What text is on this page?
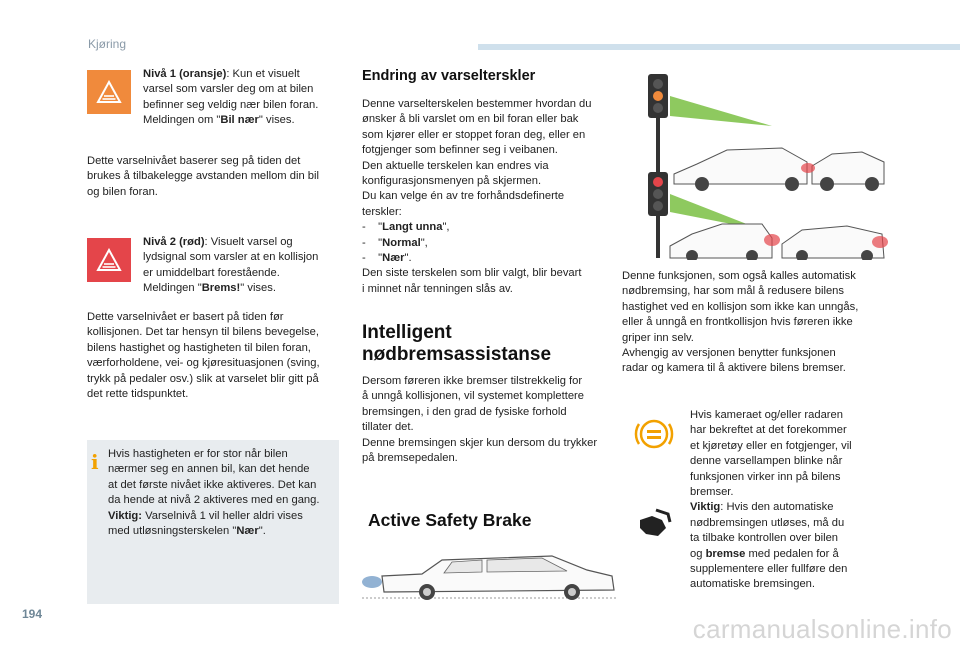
Kjøring
Nivå 1 (oransje): Kun et visuelt
varsel som varsler deg om at bilen
befinner seg veldig nær bilen foran.
Meldingen om "Bil nær" vises.
Dette varselnivået baserer seg på tiden det
brukes å tilbakelegge avstanden mellom din bil
og bilen foran.
Nivå 2 (rød): Visuelt varsel og
lydsignal som varsler at en kollisjon
er umiddelbart forestående.
Meldingen "Brems!" vises.
Dette varselnivået er basert på tiden før
kollisjonen. Det tar hensyn til bilens bevegelse,
bilens hastighet og hastigheten til bilen foran,
værforholdene, vei- og kjøresituasjonen (sving,
trykk på pedaler osv.) slik at varselet blir gitt på
det rette tidspunktet.
i Hvis hastigheten er for stor når bilen
nærmer seg en annen bil, kan det hende
at det første nivået ikke aktiveres. Det kan
da hende at nivå 2 aktiveres med en gang.
Viktig: Varselnivå 1 vil heller aldri vises
med utløsningsterskelen "Nær".
Endring av varselterskler
Denne varselterskelen bestemmer hvordan du
ønsker å bli varslet om en bil foran eller bak
som kjører eller er stoppet foran deg, eller en
fotgjenger som befinner seg i veibanen.
Den aktuelle terskelen kan endres via
konfigurasjonsmenyen på skjermen.
Du kan velge én av tre forhåndsdefinerte
terskler:
- "Langt unna",
- "Normal",
- "Nær".
Den siste terskelen som blir valgt, blir bevart
i minnet når tenningen slås av.
Intelligent
nødbremsassistanse
Dersom føreren ikke bremser tilstrekkelig for
å unngå kollisjonen, vil systemet komplettere
bremsingen, i den grad de fysiske forhold
tillater det.
Denne bremsingen skjer kun dersom du trykker
på bremsepedalen.
Active Safety Brake
Denne funksjonen, som også kalles automatisk
nødbremsing, har som mål å redusere bilens
hastighet ved en kollisjon som ikke kan unngås,
eller å unngå en frontkollisjon hvis føreren ikke
griper inn selv.
Avhengig av versjonen benytter funksjonen
radar og kamera til å aktivere bilens bremser.
Hvis kameraet og/eller radaren
har bekreftet at det forekommer
et kjøretøy eller en fotgjenger, vil
denne varsellampen blinke når
funksjonen virker inn på bilens
bremser.
Viktig: Hvis den automatiske
nødbremsingen utløses, må du
ta tilbake kontrollen over bilen
og bremse med pedalen for å
supplementere eller fullføre den
automatiske bremsingen.
194	carmanualsonline.info
